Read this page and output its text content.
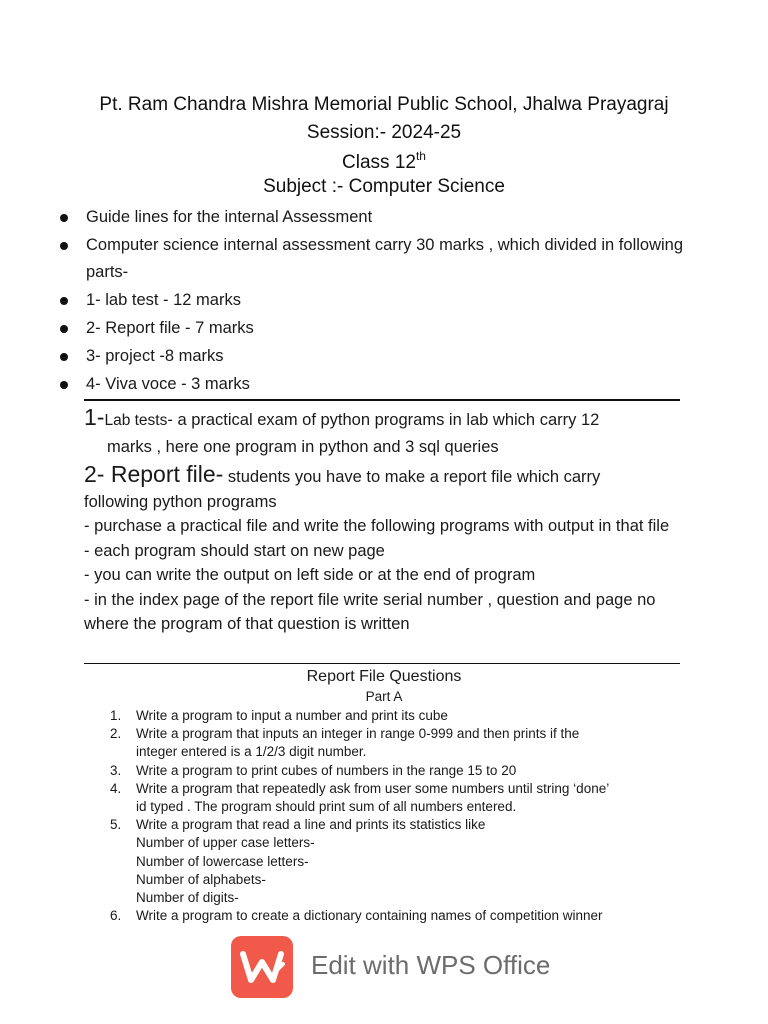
Pt. Ram Chandra Mishra Memorial Public School, Jhalwa Prayagraj
Session:- 2024-25
Class 12th
Subject :- Computer Science
Guide lines for the internal Assessment
Computer science internal assessment carry 30 marks , which divided in following parts-
1- lab test - 12 marks
2- Report file - 7 marks
3- project -8 marks
4- Viva voce - 3 marks
1-Lab tests- a practical exam of python programs in lab which carry 12
marks , here one program in python and 3 sql queries
2- Report file- students you have to make a report file which carry
following python programs
- purchase a practical file and write the following programs with output in that file
- each program should start on new page
- you can write the output on left side or at the end of program
- in the index page of the report file write serial number , question and page no where the program of that question is written
Report File Questions
Part A
1. Write a program to input a number and print its cube
2. Write a program that inputs an integer in range 0-999 and then prints if the
integer entered is a 1/2/3 digit number.
3. Write a program to print cubes of numbers in the range 15 to 20
4. Write a program that repeatedly ask from user some numbers until string ‘done’
id typed . The program should print sum of all numbers entered.
5. Write a program that read a line and prints its statistics like
Number of upper case letters-
Number of lowercase letters-
Number of alphabets-
Number of digits-
6. Write a program to create a dictionary containing names of competition winner
Edit with WPS Office
